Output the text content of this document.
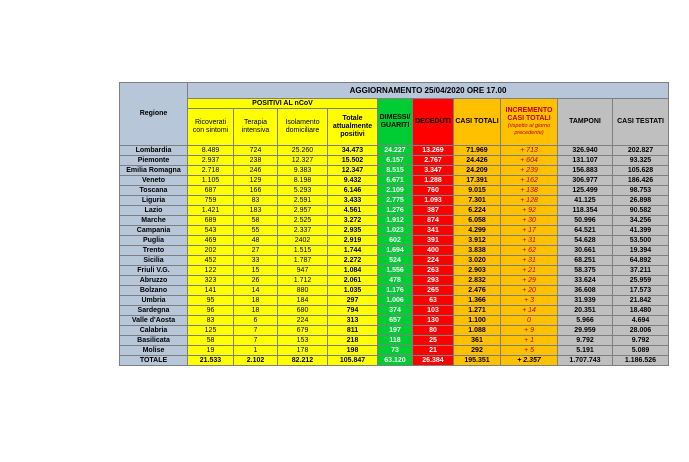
Regione	AGGIORNAMENTO 25/04/2020 ORE 17.00									
	POSITIVI AL nCoV				DIMESSI/ GUARITI	DECEDUTI	CASI TOTALI	INCREMENTO CASI TOTALI
(rispetto al giorno precedente)	TAMPONI	CASI TESTATI
	Ricoverati con sintomi	Terapia intensiva	Isolamento domiciliare	Totale attualmente positivi						
Lombardia	8.489	724	25.260	34.473	24.227	13.269	71.969	+ 713	326.940	202.827
Piemonte	2.937	238	12.327	15.502	6.157	2.767	24.426	+ 604	131.107	93.325
Emilia Romagna	2.718	246	9.383	12.347	8.515	3.347	24.209	+ 239	156.883	105.628
Veneto	1.105	129	8.198	9.432	6.671	1.288	17.391	+ 162	306.977	186.426
Toscana	687	166	5.293	6.146	2.109	760	9.015	+ 138	125.499	98.753
Liguria	759	83	2.591	3.433	2.775	1.093	7.301	+ 128	41.125	26.898
Lazio	1.421	183	2.957	4.561	1.276	387	6.224	+ 92	118.354	90.582
Marche	689	58	2.525	3.272	1.912	874	6.058	+ 30	50.996	34.256
Campania	543	55	2.337	2.935	1.023	341	4.299	+ 17	64.521	41.399
Puglia	469	48	2402	2.919	602	391	3.912	+ 31	54.628	53.500
Trento	202	27	1.515	1.744	1.694	400	3.838	+ 62	30.661	19.394
Sicilia	452	33	1.787	2.272	524	224	3.020	+ 31	68.251	64.892
Friuli V.G.	122	15	947	1.084	1.556	263	2.903	+ 21	58.375	37.211
Abruzzo	323	26	1.712	2.061	478	293	2.832	+ 29	33.624	25.959
Bolzano	141	14	880	1.035	1.176	265	2.476	+ 20	36.608	17.573
Umbria	95	18	184	297	1.006	63	1.366	+ 3	31.939	21.842
Sardegna	96	18	680	794	374	103	1.271	+ 14	20.351	18.480
Valle d'Aosta	83	6	224	313	657	130	1.100	0	5.966	4.694
Calabria	125	7	679	811	197	80	1.088	+ 9	29.959	28.006
Basilicata	58	7	153	218	118	25	361	+ 1	9.792	9.792
Molise	19	1	178	198	73	21	292	+ 5	5.191	5.089
TOTALE	21.533	2.102	82.212	105.847	63.120	26.384	195.351	+ 2.357	1.707.743	1.186.526
